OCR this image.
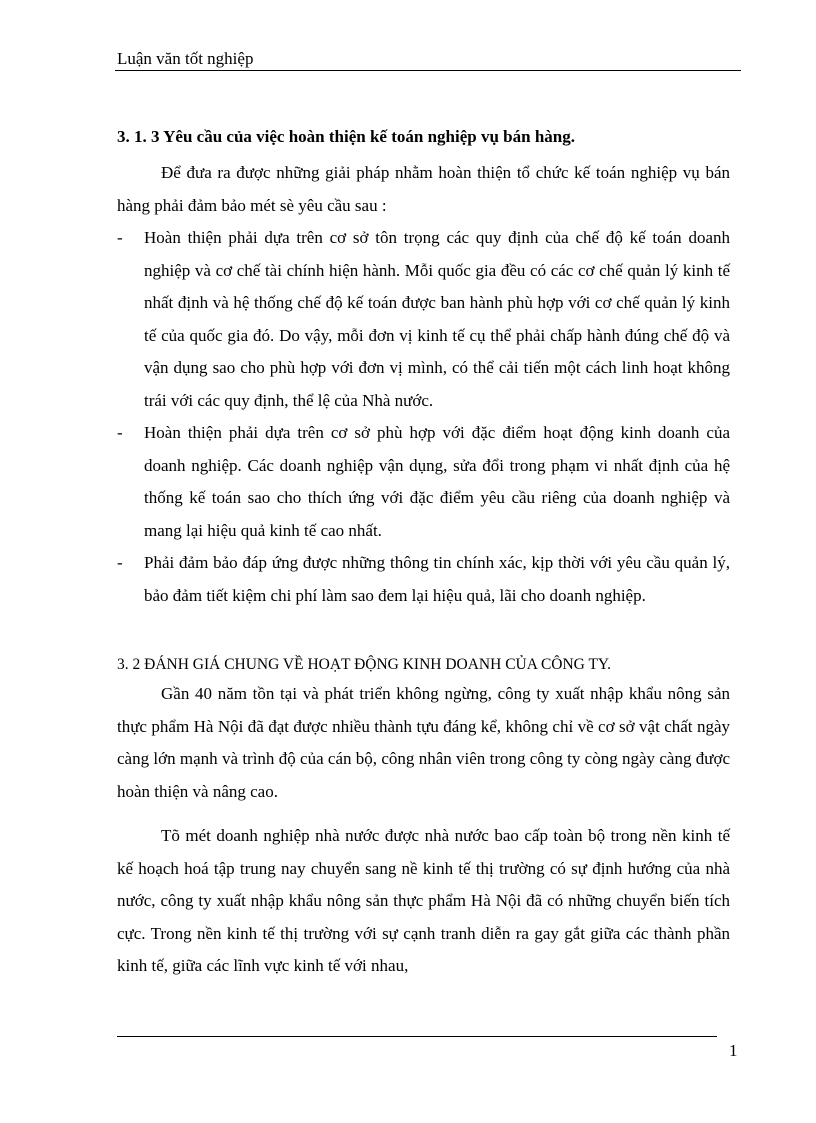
Luận văn tốt nghiệp
3. 1. 3 Yêu cầu của việc hoàn thiện kế toán nghiệp vụ bán hàng.

Để đưa ra được những giải pháp nhằm hoàn thiện tổ chức kế toán nghiệp vụ bán hàng phải đảm bảo mét sè yêu cầu sau :

- Hoàn thiện phải dựa trên cơ sở tôn trọng các quy định của chế độ kế toán doanh nghiệp và cơ chế tài chính hiện hành. Mỗi quốc gia đều có các cơ chế quản lý kinh tế nhất định và hệ thống chế độ kế toán được ban hành phù hợp với cơ chế quản lý kinh tế của quốc gia đó. Do vậy, mỗi đơn vị kinh tế cụ thể phải chấp hành đúng chế độ và vận dụng sao cho phù hợp với đơn vị mình, có thể cải tiến một cách linh hoạt không trái với các quy định, thể lệ của Nhà nước.
- Hoàn thiện phải dựa trên cơ sở phù hợp với đặc điểm hoạt động kinh doanh của doanh nghiệp. Các doanh nghiệp vận dụng, sửa đổi trong phạm vi nhất định của hệ thống kế toán sao cho thích ứng với đặc điểm yêu cầu riêng của doanh nghiệp và mang lại hiệu quả kinh tế cao nhất.
- Phải đảm bảo đáp ứng được những thông tin chính xác, kịp thời với yêu cầu quản lý, bảo đảm tiết kiệm chi phí làm sao đem lại hiệu quả, lãi cho doanh nghiệp.
3. 2 ĐÁNH GIÁ CHUNG VỀ HOẠT ĐỘNG KINH DOANH CỦA CÔNG TY.

Gần 40 năm tồn tại và phát triển không ngừng, công ty xuất nhập khẩu nông sản thực phẩm Hà Nội đã đạt được nhiều thành tựu đáng kể, không chỉ về cơ sở vật chất ngày càng lớn mạnh và trình độ của cán bộ, công nhân viên trong công ty còng ngày càng được hoàn thiện và nâng cao.

Tõ mét doanh nghiệp nhà nước được nhà nước bao cấp toàn bộ trong nền kinh tế kế hoạch hoá tập trung nay chuyển sang nề kinh tế thị trường có sự định hướng của nhà nước, công ty xuất nhập khẩu nông sản thực phẩm Hà Nội đã có những chuyển biến tích cực. Trong nền kinh tế thị trường với sự cạnh tranh diễn ra gay gắt giữa các thành phần kinh tế, giữa các lĩnh vực kinh tế với nhau,

1
